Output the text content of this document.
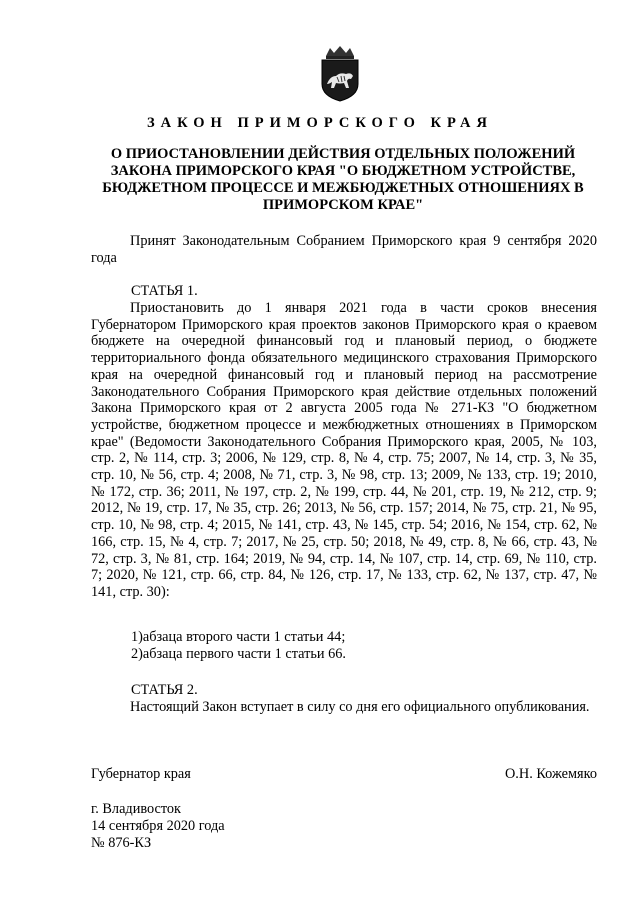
ЗАКОН ПРИМОРСКОГО КРАЯ
О ПРИОСТАНОВЛЕНИИ ДЕЙСТВИЯ ОТДЕЛЬНЫХ ПОЛОЖЕНИЙ ЗАКОНА ПРИМОРСКОГО КРАЯ "О БЮДЖЕТНОМ УСТРОЙСТВЕ, БЮДЖЕТНОМ ПРОЦЕССЕ И МЕЖБЮДЖЕТНЫХ ОТНОШЕНИЯХ В ПРИМОРСКОМ КРАЕ"

Принят Законодательным Собранием Приморского края 9 сентября 2020 года

СТАТЬЯ 1.

Приостановить до 1 января 2021 года в части сроков внесения Губернатором Приморского края проектов законов Приморского края о краевом бюджете на очередной финансовый год и плановый период, о бюджете территориального фонда обязательного медицинского страхования Приморского края на очередной финансовый год и плановый период на рассмотрение Законодательного Собрания Приморского края действие отдельных положений Закона Приморского края от 2 августа 2005 года № 271-КЗ "О бюджетном устройстве, бюджетном процессе и межбюджетных отношениях в Приморском крае" (Ведомости Законодательного Собрания Приморского края, 2005, № 103, стр. 2, № 114, стр. 3; 2006, № 129, стр. 8, № 4, стр. 75; 2007, № 14, стр. 3, № 35, стр. 10, № 56, стр. 4; 2008, № 71, стр. 3, № 98, стр. 13; 2009, № 133, стр. 19; 2010, № 172, стр. 36; 2011, № 197, стр. 2, № 199, стр. 44, № 201, стр. 19, № 212, стр. 9; 2012, № 19, стр. 17, № 35, стр. 26; 2013, № 56, стр. 157; 2014, № 75, стр. 21, № 95, стр. 10, № 98, стр. 4; 2015, № 141, стр. 43, № 145, стр. 54; 2016, № 154, стр. 62, № 166, стр. 15, № 4, стр. 7; 2017, № 25, стр. 50; 2018, № 49, стр. 8, № 66, стр. 43, № 72, стр. 3, № 81, стр. 164; 2019, № 94, стр. 14, № 107, стр. 14, стр. 69, № 110, стр. 7; 2020, № 121, стр. 66, стр. 84, № 126, стр. 17, № 133, стр. 62, № 137, стр. 47, № 141, стр. 30):

1)абзаца второго части 1 статьи 44;

2)абзаца первого части 1 статьи 66.

СТАТЬЯ 2.

Настоящий Закон вступает в силу со дня его официального опубликования.

Губернатор края	О.Н. Кожемяко

г. Владивосток

14 сентября 2020 года

№ 876-КЗ
